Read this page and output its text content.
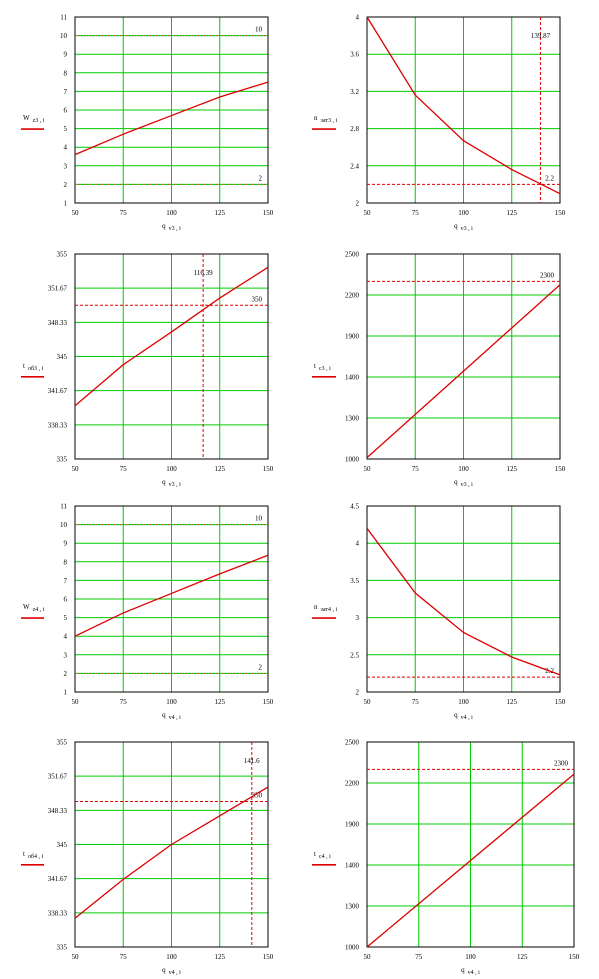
50	75	100	125	150
1
2
3
4
5
6
7
8
9
10
11
10
2
W z3 , i
q v3 , i
50	75	100	125	150
2
2.4
2.8
3.2
3.6
4
2.2
139.87
n зат3 , i
q v3 , i
50	75	100	125	150
335
338.33
341.67
345
348.33
351.67
355
350
116.39
t об3 , i
q v3 , i
50	75	100	125	150
1000
1300
1400
1900
2200
2500
2300
t c3 , i
q v3 , i
50	75	100	125	150
1
2
3
4
5
6
7
8
9
10
11
10
2
W z4 , i
q v4 , i
50	75	100	125	150
2
2.5
3
3.5
4
4.5
2.2
n зат4 , i
q v4 , i
50	75	100	125	150
335
338.33
341.67
345
348.33
351.67
355
350
141.6
t об4 , i
q v4 , i
50	75	100	125	150
1000
1300
1400
1900
2200
2500
2300
t c4 , i
q v4 , i
